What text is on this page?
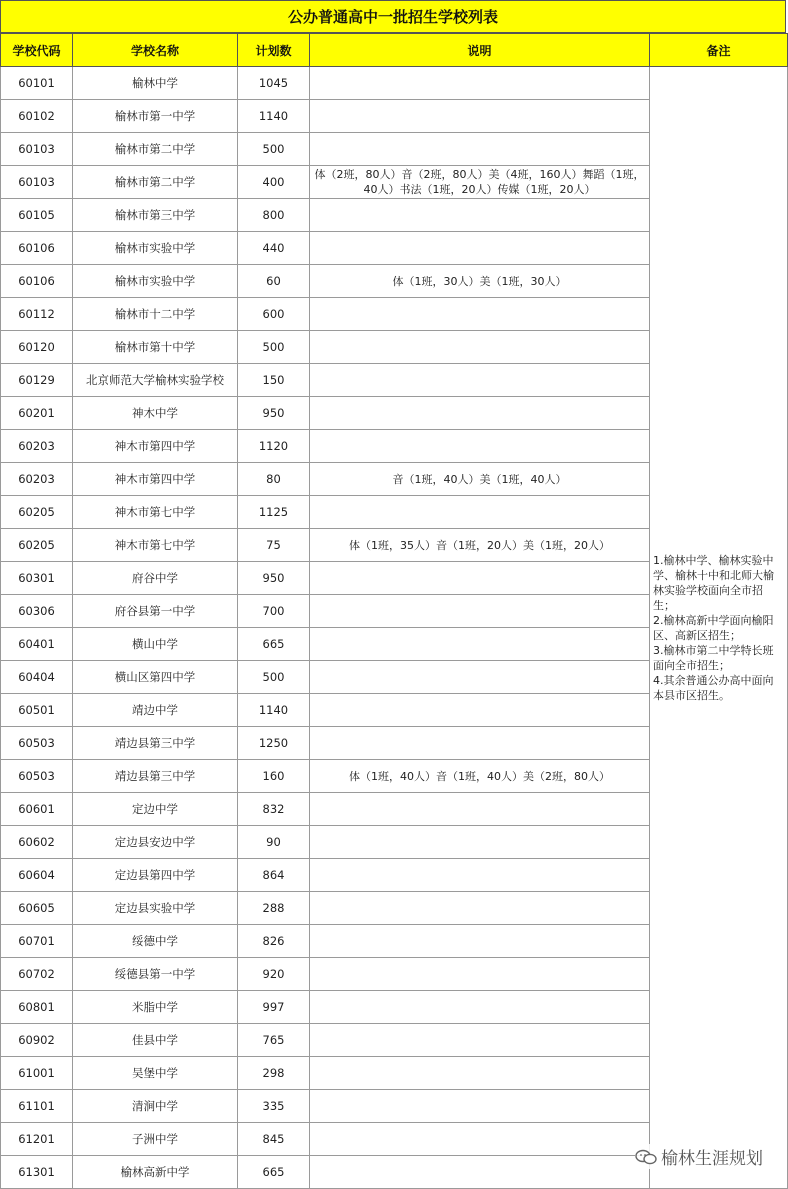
公办普通高中一批招生学校列表
学校代码	学校名称	计划数	说明	备注
60101	榆林中学	1045		1.榆林中学、榆林实验中学、榆林十中和北师大榆林实验学校面向全市招生；
2.榆林高新中学面向榆阳区、高新区招生；
3.榆林市第二中学特长班面向全市招生；
4.其余普通公办高中面向本县市区招生。

60102	榆林市第一中学	1140		
60103	榆林市第二中学	500		
60103	榆林市第二中学	400	体（2班，80人）音（2班，80人）美（4班，160人）舞蹈（1班，40人）书法（1班，20人）传媒（1班，20人）	
60105	榆林市第三中学	800		
60106	榆林市实验中学	440		
60106	榆林市实验中学	60	体（1班，30人）美（1班，30人）	
60112	榆林市十二中学	600		
60120	榆林市第十中学	500		
60129	北京师范大学榆林实验学校	150		
60201	神木中学	950		
60203	神木市第四中学	1120		
60203	神木市第四中学	80	音（1班，40人）美（1班，40人）	
60205	神木市第七中学	1125		
60205	神木市第七中学	75	体（1班，35人）音（1班，20人）美（1班，20人）	
60301	府谷中学	950		
60306	府谷县第一中学	700		
60401	横山中学	665		
60404	横山区第四中学	500		
60501	靖边中学	1140		
60503	靖边县第三中学	1250		
60503	靖边县第三中学	160	体（1班，40人）音（1班，40人）美（2班，80人）	
60601	定边中学	832		
60602	定边县安边中学	90		
60604	定边县第四中学	864		
60605	定边县实验中学	288		
60701	绥德中学	826		
60702	绥德县第一中学	920		
60801	米脂中学	997		
60902	佳县中学	765		
61001	吴堡中学	298		
61101	清涧中学	335		
61201	子洲中学	845		
61301	榆林高新中学	665		
榆林生涯规划
